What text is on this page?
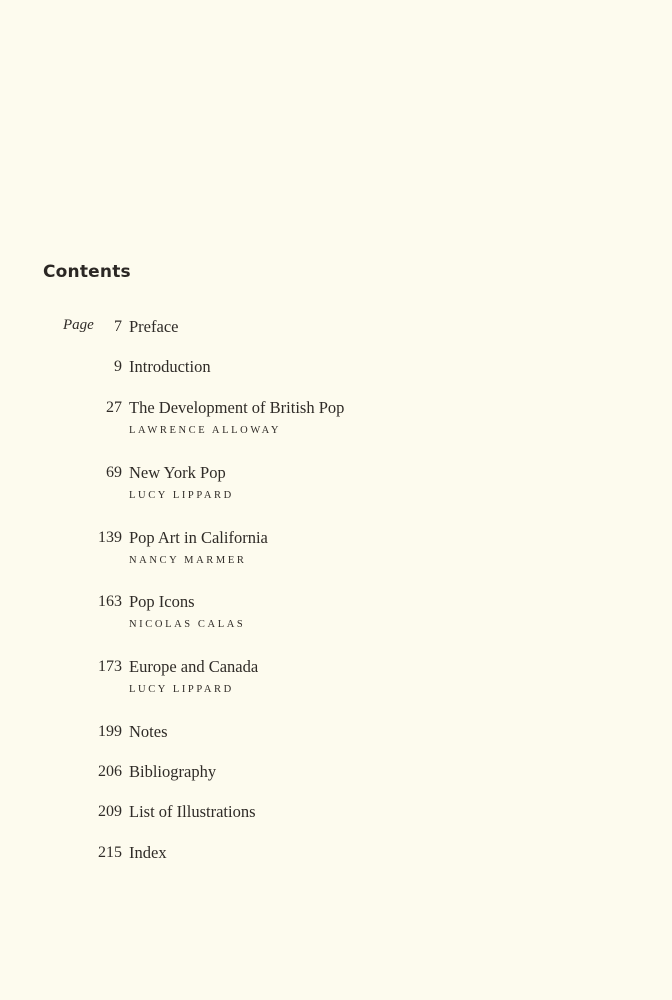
Contents
Page 7 Preface
9 Introduction
27 The Development of British Pop
LAWRENCE ALLOWAY
69 New York Pop
LUCY LIPPARD
139 Pop Art in California
NANCY MARMER
163 Pop Icons
NICOLAS CALAS
173 Europe and Canada
LUCY LIPPARD
199 Notes
206 Bibliography
209 List of Illustrations
215 Index
